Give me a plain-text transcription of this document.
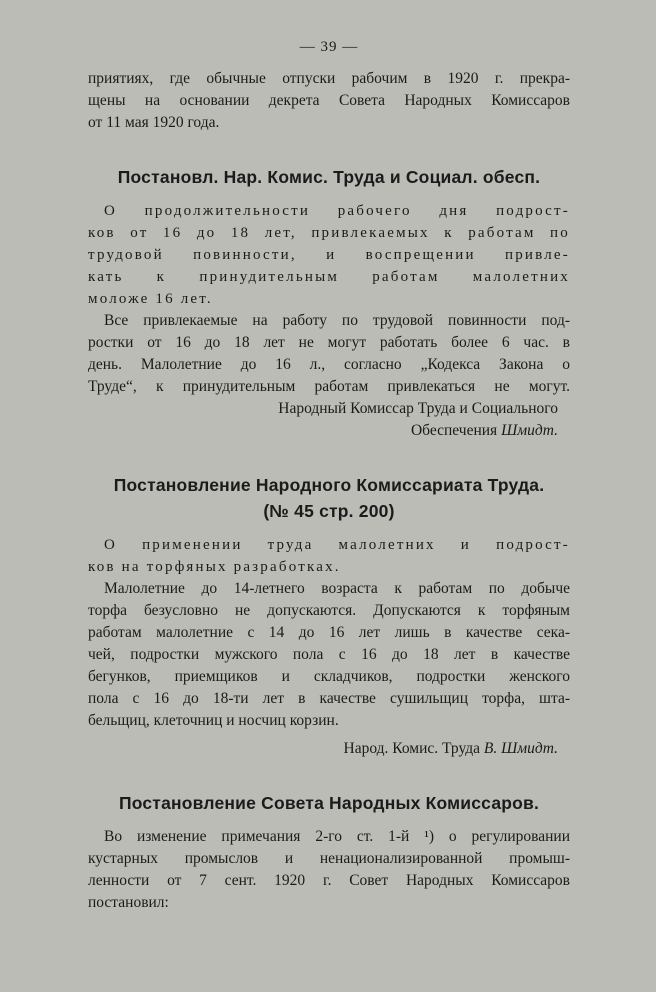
— 39 —
приятиях, где обычные отпуски рабочим в 1920 г. прекра-
щены на основании декрета Совета Народных Комиссаров
от 11 мая 1920 года.
Постановл. Нар. Комис. Труда и Социал. обесп.
О продолжительности рабочего дня подрост-
ков от 16 до 18 лет, привлекаемых к работам по
трудовой повинности, и воспрещении привле-
кать к принудительным работам малолетних
моложе 16 лет.
Все привлекаемые на работу по трудовой повинности под-
ростки от 16 до 18 лет не могут работать более 6 час. в
день. Малолетние до 16 л., согласно „Кодекса Закона о
Труде“, к принудительным работам привлекаться не могут.
Народный Комиссар Труда и Социального
Обеспечения Шмидт.
Постановление Народного Комиссариата Труда.
(№ 45 стр. 200)
О применении труда малолетних и подрост-
ков на торфяных разработках.
Малолетние до 14-летнего возраста к работам по добыче
торфа безусловно не допускаются. Допускаются к торфяным
работам малолетние с 14 до 16 лет лишь в качестве сека-
чей, подростки мужского пола с 16 до 18 лет в качестве
бегунков, приемщиков и складчиков, подростки женского
пола с 16 до 18-ти лет в качестве сушильщиц торфа, шта-
бельщиц, клеточниц и носчиц корзин.
Народ. Комис. Труда В. Шмидт.
Постановление Совета Народных Комиссаров.
Во изменение примечания 2-го ст. 1-й ¹) о регулировании
кустарных промыслов и ненационализированной промыш-
ленности от 7 сент. 1920 г. Совет Народных Комиссаров
постановил:
